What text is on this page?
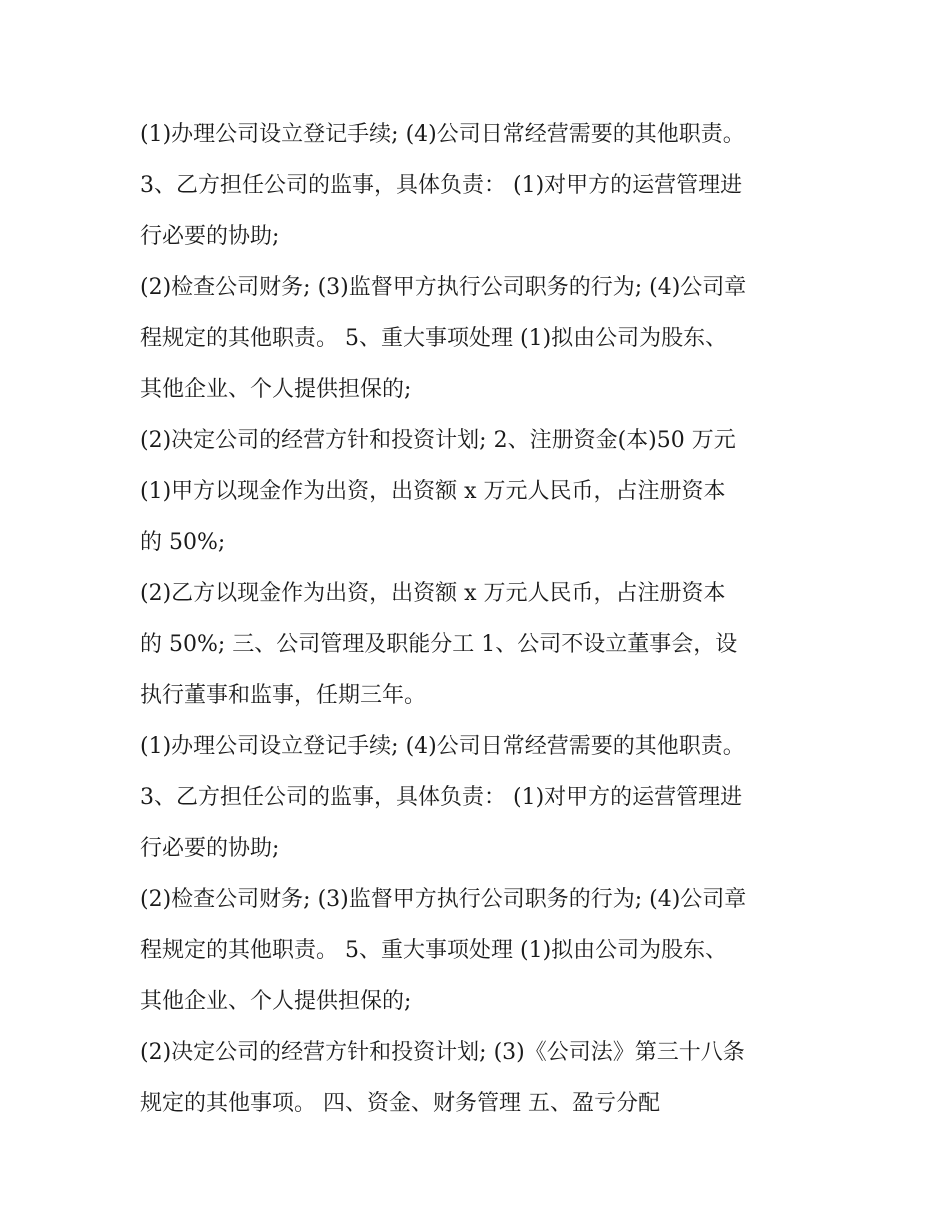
(1)办理公司设立登记手续; (4)公司日常经营需要的其他职责。

3、乙方担任公司的监事，具体负责： (1)对甲方的运营管理进

行必要的协助;

(2)检查公司财务; (3)监督甲方执行公司职务的行为; (4)公司章

程规定的其他职责。 5、重大事项处理 (1)拟由公司为股东、

其他企业、个人提供担保的;

(2)决定公司的经营方针和投资计划; 2、注册资金(本)50 万元

(1)甲方以现金作为出资，出资额 x 万元人民币，占注册资本

的 50%;

(2)乙方以现金作为出资，出资额 x 万元人民币，占注册资本

的 50%; 三、公司管理及职能分工 1、公司不设立董事会，设

执行董事和监事，任期三年。

(1)办理公司设立登记手续; (4)公司日常经营需要的其他职责。

3、乙方担任公司的监事，具体负责： (1)对甲方的运营管理进

行必要的协助;

(2)检查公司财务; (3)监督甲方执行公司职务的行为; (4)公司章

程规定的其他职责。 5、重大事项处理 (1)拟由公司为股东、

其他企业、个人提供担保的;

(2)决定公司的经营方针和投资计划; (3)《公司法》第三十八条

规定的其他事项。 四、资金、财务管理 五、盈亏分配
